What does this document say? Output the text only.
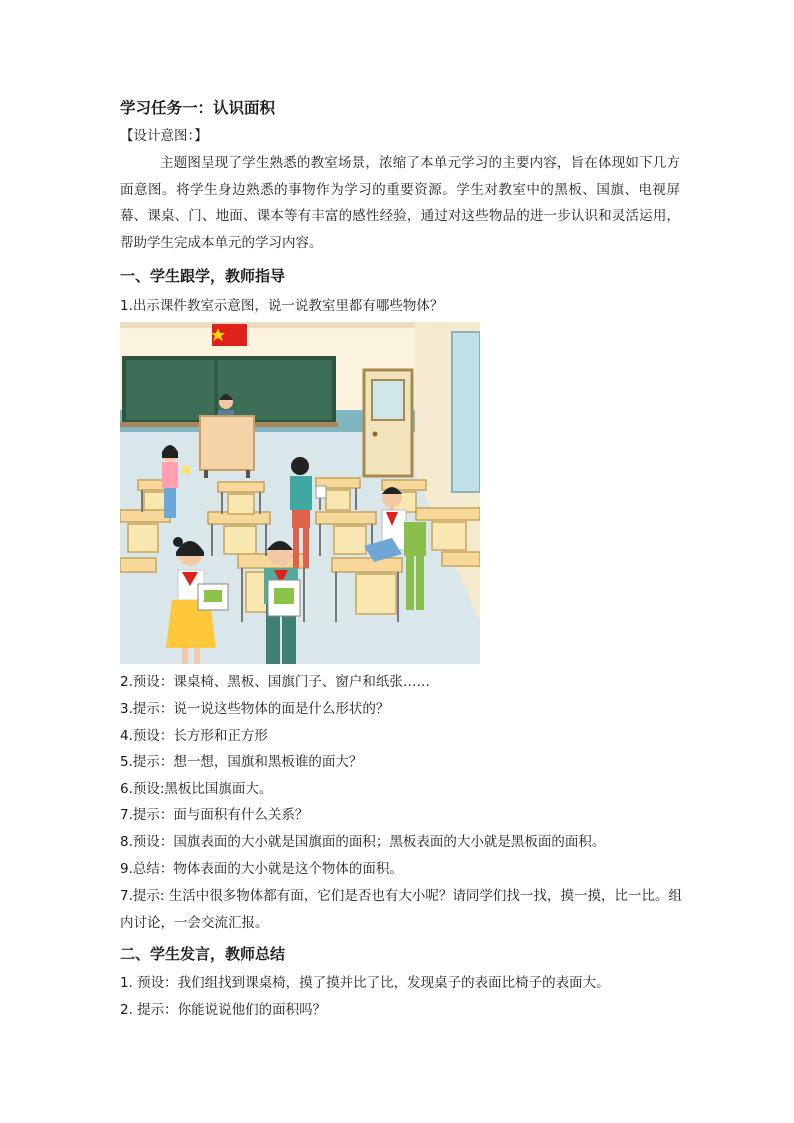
学习任务一：认识面积
【设计意图：】
主题图呈现了学生熟悉的教室场景，浓缩了本单元学习的主要内容，旨在体现如下几方面意图。将学生身边熟悉的事物作为学习的重要资源。学生对教室中的黑板、国旗、电视屏幕、课桌、门、地面、课本等有丰富的感性经验，通过对这些物品的进一步认识和灵活运用，帮助学生完成本单元的学习内容。
一、学生跟学，教师指导
1.出示课件教室示意图，说一说教室里都有哪些物体？
2.预设：课桌椅、黑板、国旗门子、窗户和纸张……
3.提示：说一说这些物体的面是什么形状的？
4.预设：长方形和正方形
5.提示：想一想，国旗和黑板谁的面大？
6.预设:黑板比国旗面大。
7.提示：面与面积有什么关系？
8.预设：国旗表面的大小就是国旗面的面积；黑板表面的大小就是黑板面的面积。
9.总结：物体表面的大小就是这个物体的面积。
7.提示: 生活中很多物体都有面，它们是否也有大小呢？请同学们找一找，摸一摸，比一比。组内讨论，一会交流汇报。
二、学生发言，教师总结
1. 预设：我们组找到课桌椅，摸了摸并比了比，发现桌子的表面比椅子的表面大。
2. 提示：你能说说他们的面积吗？
